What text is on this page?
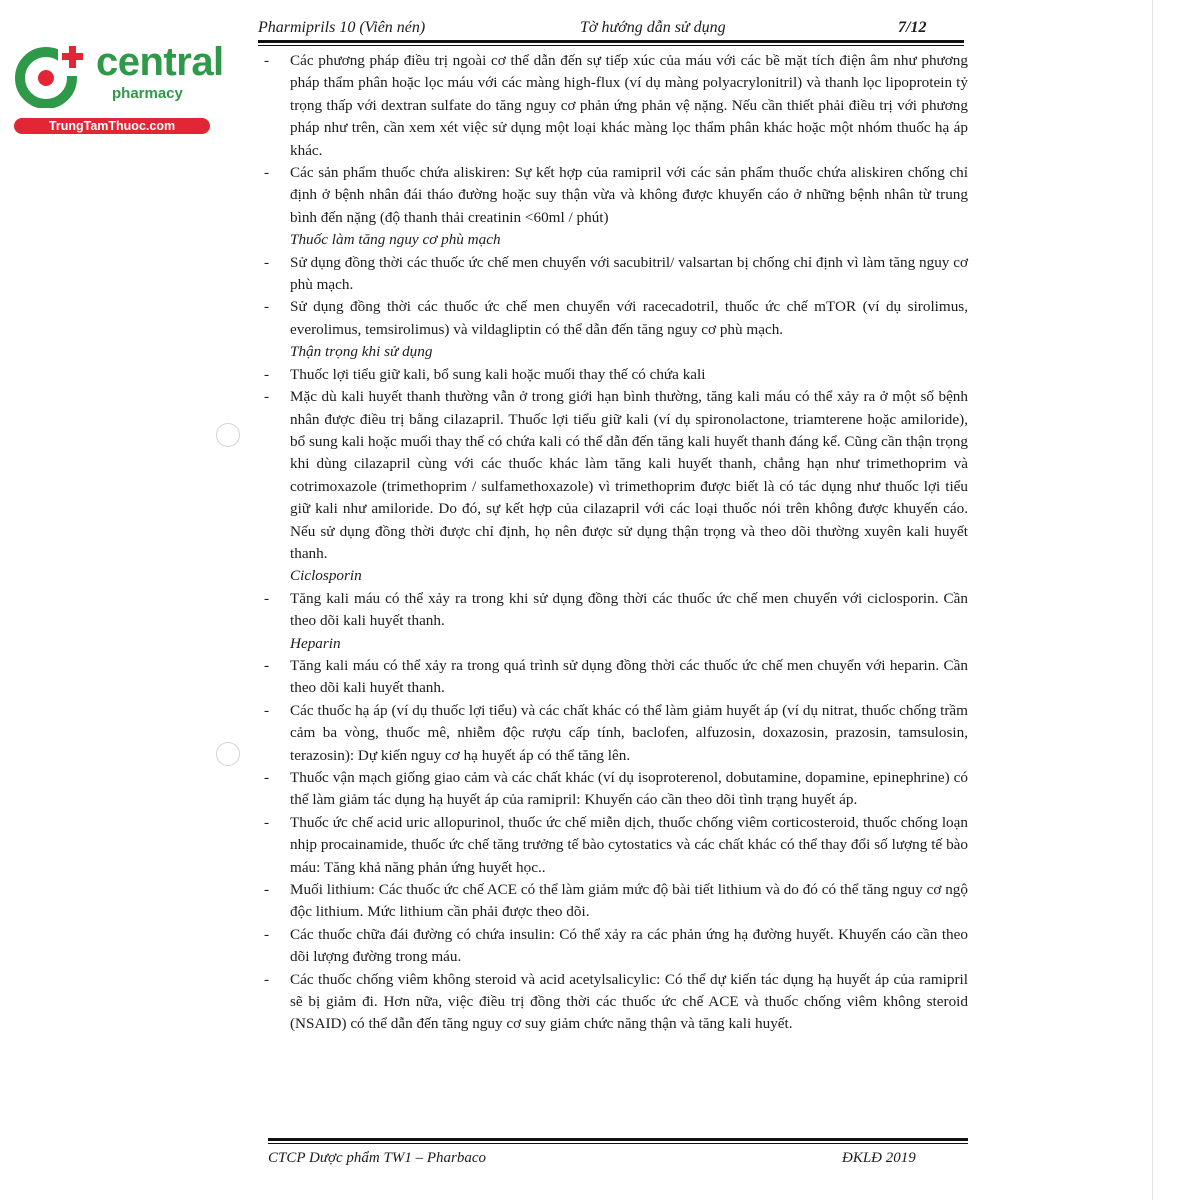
central
pharmacy
TrungTamThuoc.com
Pharmiprils 10 (Viên nén)	Tờ hướng dẫn sử dụng	7/12

- Các phương pháp điều trị ngoài cơ thể dẫn đến sự tiếp xúc của máu với các bề mặt tích điện âm như phương pháp thẩm phân hoặc lọc máu với các màng high-flux (ví dụ màng polyacrylonitril) và thanh lọc lipoprotein tỷ trọng thấp với dextran sulfate do tăng nguy cơ phản ứng phản vệ nặng. Nếu cần thiết phải điều trị với phương pháp như trên, cần xem xét việc sử dụng một loại khác màng lọc thẩm phân khác hoặc một nhóm thuốc hạ áp khác.

- Các sản phẩm thuốc chứa aliskiren: Sự kết hợp của ramipril với các sản phẩm thuốc chứa aliskiren chống chỉ định ở bệnh nhân đái tháo đường hoặc suy thận vừa và không được khuyến cáo ở những bệnh nhân từ trung bình đến nặng (độ thanh thải creatinin <60ml / phút)

Thuốc làm tăng nguy cơ phù mạch

- Sử dụng đồng thời các thuốc ức chế men chuyển với sacubitril/ valsartan bị chống chỉ định vì làm tăng nguy cơ phù mạch.

- Sử dụng đồng thời các thuốc ức chế men chuyển với racecadotril, thuốc ức chế mTOR (ví dụ sirolimus, everolimus, temsirolimus) và vildagliptin có thể dẫn đến tăng nguy cơ phù mạch.

Thận trọng khi sử dụng

- Thuốc lợi tiểu giữ kali, bổ sung kali hoặc muối thay thế có chứa kali

- Mặc dù kali huyết thanh thường vẫn ở trong giới hạn bình thường, tăng kali máu có thể xảy ra ở một số bệnh nhân được điều trị bằng cilazapril. Thuốc lợi tiểu giữ kali (ví dụ spironolactone, triamterene hoặc amiloride), bổ sung kali hoặc muối thay thế có chứa kali có thể dẫn đến tăng kali huyết thanh đáng kể. Cũng cần thận trọng khi dùng cilazapril cùng với các thuốc khác làm tăng kali huyết thanh, chẳng hạn như trimethoprim và cotrimoxazole (trimethoprim / sulfamethoxazole) vì trimethoprim được biết là có tác dụng như thuốc lợi tiểu giữ kali như amiloride. Do đó, sự kết hợp của cilazapril với các loại thuốc nói trên không được khuyến cáo. Nếu sử dụng đồng thời được chỉ định, họ nên được sử dụng thận trọng và theo dõi thường xuyên kali huyết thanh.

Ciclosporin

- Tăng kali máu có thể xảy ra trong khi sử dụng đồng thời các thuốc ức chế men chuyển với ciclosporin. Cần theo dõi kali huyết thanh.

Heparin

- Tăng kali máu có thể xảy ra trong quá trình sử dụng đồng thời các thuốc ức chế men chuyển với heparin. Cần theo dõi kali huyết thanh.

- Các thuốc hạ áp (ví dụ thuốc lợi tiểu) và các chất khác có thể làm giảm huyết áp (ví dụ nitrat, thuốc chống trầm cảm ba vòng, thuốc mê, nhiễm độc rượu cấp tính, baclofen, alfuzosin, doxazosin, prazosin, tamsulosin, terazosin): Dự kiến nguy cơ hạ huyết áp có thể tăng lên.

- Thuốc vận mạch giống giao cảm và các chất khác (ví dụ isoproterenol, dobutamine, dopamine, epinephrine) có thể làm giảm tác dụng hạ huyết áp của ramipril: Khuyến cáo cần theo dõi tình trạng huyết áp.

- Thuốc ức chế acid uric allopurinol, thuốc ức chế miễn dịch, thuốc chống viêm corticosteroid, thuốc chống loạn nhịp procainamide, thuốc ức chế tăng trưởng tế bào cytostatics và các chất khác có thể thay đổi số lượng tế bào máu: Tăng khả năng phản ứng huyết học..

- Muối lithium: Các thuốc ức chế ACE có thể làm giảm mức độ bài tiết lithium và do đó có thể tăng nguy cơ ngộ độc lithium. Mức lithium cần phải được theo dõi.

- Các thuốc chữa đái đường có chứa insulin: Có thể xảy ra các phản ứng hạ đường huyết. Khuyến cáo cần theo dõi lượng đường trong máu.

- Các thuốc chống viêm không steroid và acid acetylsalicylic: Có thể dự kiến tác dụng hạ huyết áp của ramipril sẽ bị giảm đi. Hơn nữa, việc điều trị đồng thời các thuốc ức chế ACE và thuốc chống viêm không steroid (NSAID) có thể dẫn đến tăng nguy cơ suy giảm chức năng thận và tăng kali huyết.

CTCP Dược phẩm TW1 – Pharbaco	ĐKLĐ 2019
